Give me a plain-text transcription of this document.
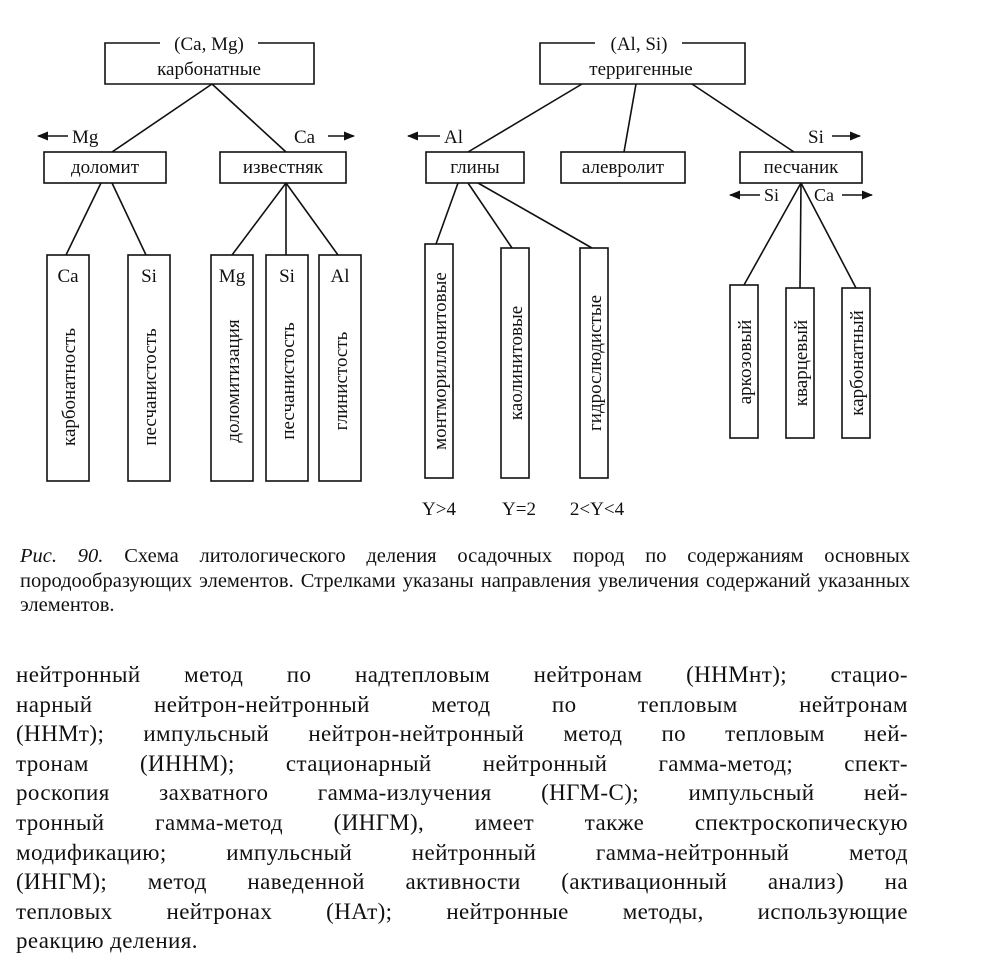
(Ca, Mg)
карбонатные
(Al, Si)
терригенные
Mg	Ca	Al	Si
Si Ca
доломит	известняк	глины	алевролит	песчаник
Ca	Si	Mg Si Al
карбонатность	песчанистость	доломитизация песчанистость глинистость	монтмориллонитовые	каолинитовые	гидрослюдистые
Y>4 Y=2 2<Y<4
аркозовый кварцевый карбонатный
Рис. 90. Схема литологического деления осадочных пород по содержаниям основных породообразующих элементов. Стрелками указаны направления увеличения содержаний указанных элементов.
нейтронный метод по надтепловым нейтронам (ННМнт); стацио-
нарный нейтрон-нейтронный метод по тепловым нейтронам
(ННМт); импульсный нейтрон-нейтронный метод по тепловым ней-
тронам (ИННМ); стационарный нейтронный гамма-метод; спект-
роскопия захватного гамма-излучения (НГМ-С); импульсный ней-
тронный гамма-метод (ИНГМ), имеет также спектроскопическую
модификацию; импульсный нейтронный гамма-нейтронный метод
(ИНГМ); метод наведенной активности (активационный анализ) на
тепловых нейтронах (НАт); нейтронные методы, использующие
реакцию деления.
